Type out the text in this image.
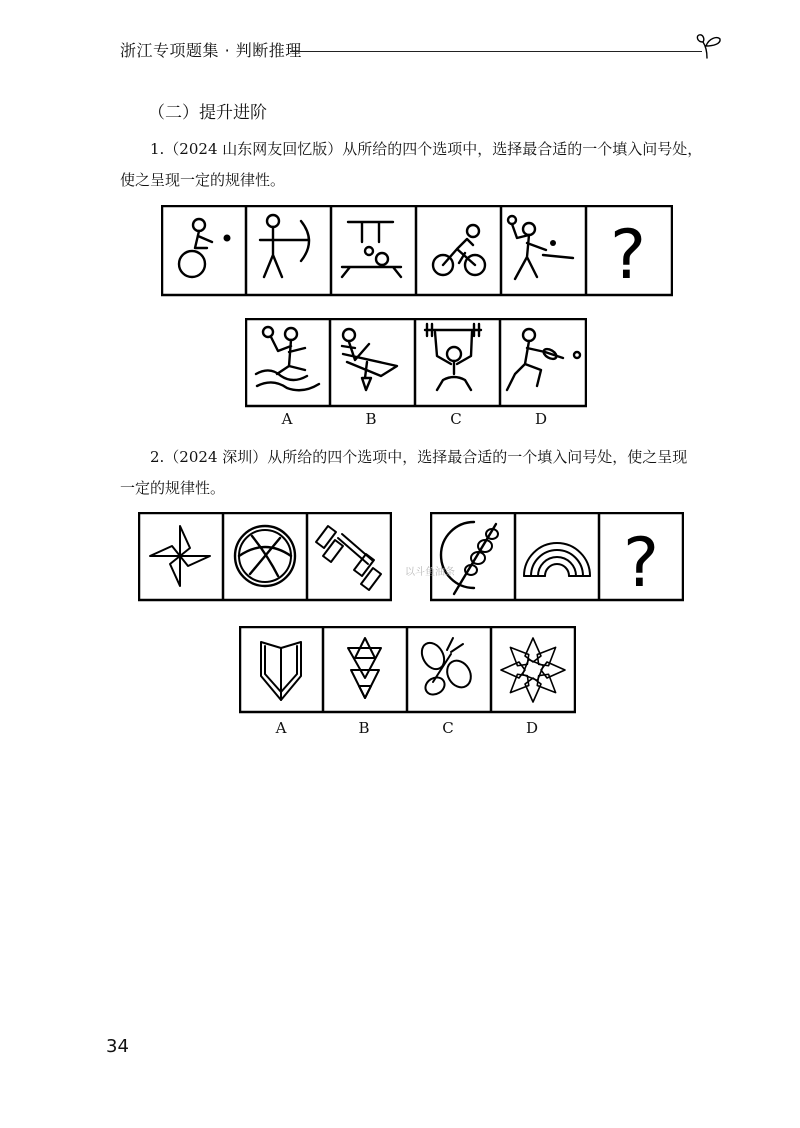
浙江专项题集 · 判断推理
（二）提升进阶
1.（2024 山东网友回忆版）从所给的四个选项中，选择最合适的一个填入问号处，
使之呈现一定的规律性。
?
A	B	C	D
2.（2024 深圳）从所给的四个选项中，选择最合适的一个填入问号处，使之呈现
一定的规律性。
?
以斗鱼油条
A	B	C	D
34
